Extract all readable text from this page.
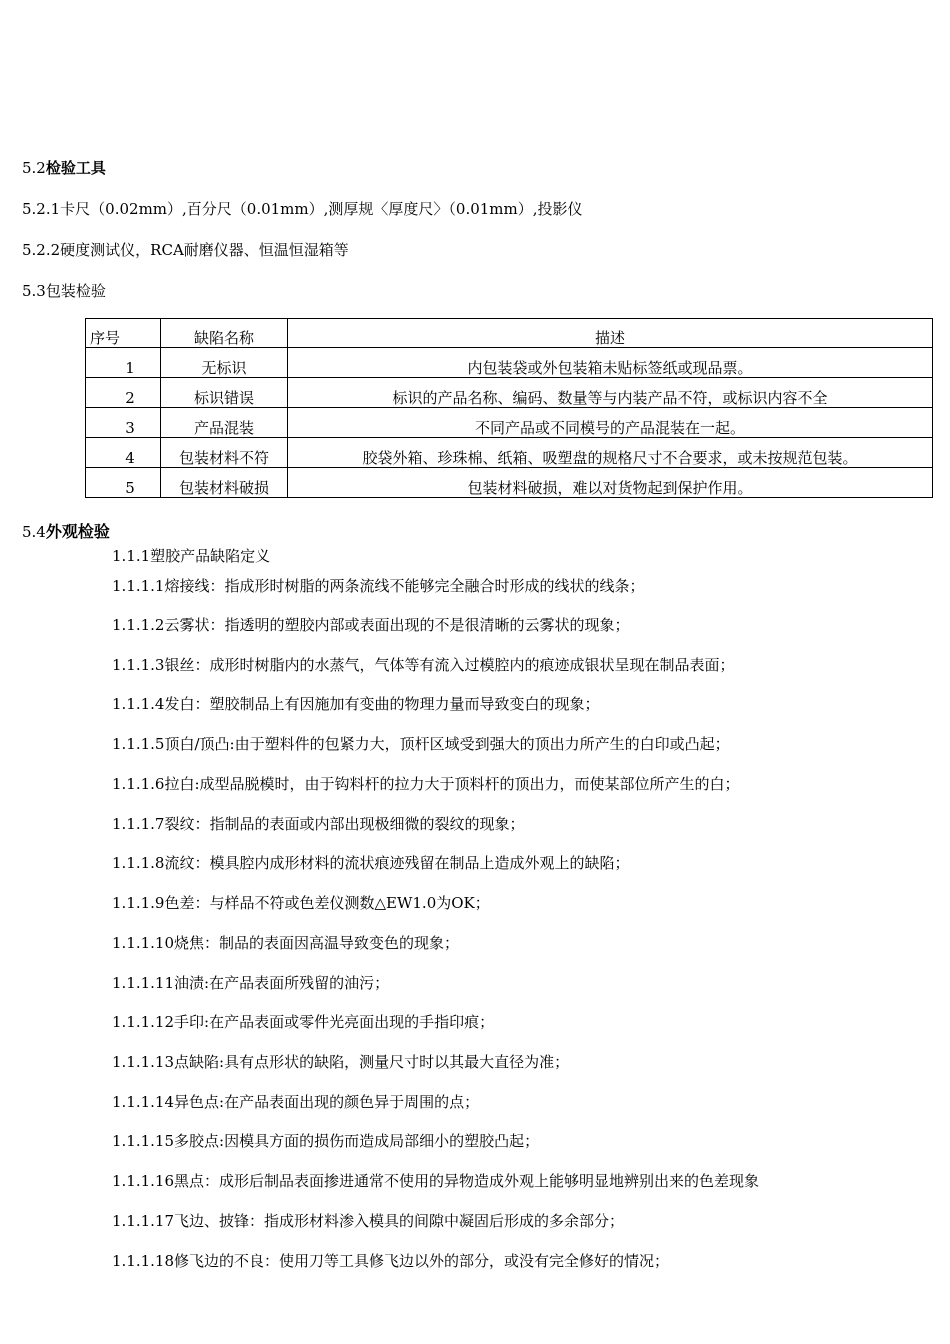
5.2检验工具
5.2.1卡尺（0.02mm）,百分尺（0.01mm）,测厚规〈厚度尺〉（0.01mm）,投影仪
5.2.2硬度测试仪，RCA耐磨仪器、恒温恒湿箱等
5.3包装检验
序号	缺陷名称	描述
1	无标识	内包装袋或外包装箱未贴标签纸或现品票。
2	标识错误	标识的产品名称、编码、数量等与内装产品不符，或标识内容不全
3	产品混装	不同产品或不同模号的产品混装在一起。
4	包装材料不符	胶袋外箱、珍珠棉、纸箱、吸塑盘的规格尺寸不合要求，或未按规范包装。
5	包装材料破损	包装材料破损，难以对货物起到保护作用。
5.4外观检验
1.1.1塑胶产品缺陷定义
1.1.1.1熔接线：指成形时树脂的两条流线不能够完全融合时形成的线状的线条；
1.1.1.2云雾状：指透明的塑胶内部或表面出现的不是很清晰的云雾状的现象；
1.1.1.3银丝：成形时树脂内的水蒸气，气体等有流入过模腔内的痕迹成银状呈现在制品表面；
1.1.1.4发白：塑胶制品上有因施加有变曲的物理力量而导致变白的现象；
1.1.1.5顶白/顶凸:由于塑料件的包紧力大，顶杆区域受到强大的顶出力所产生的白印或凸起；
1.1.1.6拉白:成型品脱模时，由于钩料杆的拉力大于顶料杆的顶出力，而使某部位所产生的白；
1.1.1.7裂纹：指制品的表面或内部出现极细微的裂纹的现象；
1.1.1.8流纹：模具腔内成形材料的流状痕迹残留在制品上造成外观上的缺陷；
1.1.1.9色差：与样品不符或色差仪测数△EW1.0为OK；
1.1.1.10烧焦：制品的表面因高温导致变色的现象；
1.1.1.11油渍:在产品表面所残留的油污；
1.1.1.12手印:在产品表面或零件光亮面出现的手指印痕；
1.1.1.13点缺陷:具有点形状的缺陷，测量尺寸时以其最大直径为准；
1.1.1.14异色点:在产品表面出现的颜色异于周围的点；
1.1.1.15多胶点:因模具方面的损伤而造成局部细小的塑胶凸起；
1.1.1.16黑点：成形后制品表面掺进通常不使用的异物造成外观上能够明显地辨别出来的色差现象
1.1.1.17飞边、披锋：指成形材料渗入模具的间隙中凝固后形成的多余部分；
1.1.1.18修飞边的不良：使用刀等工具修飞边以外的部分，或没有完全修好的情况；
